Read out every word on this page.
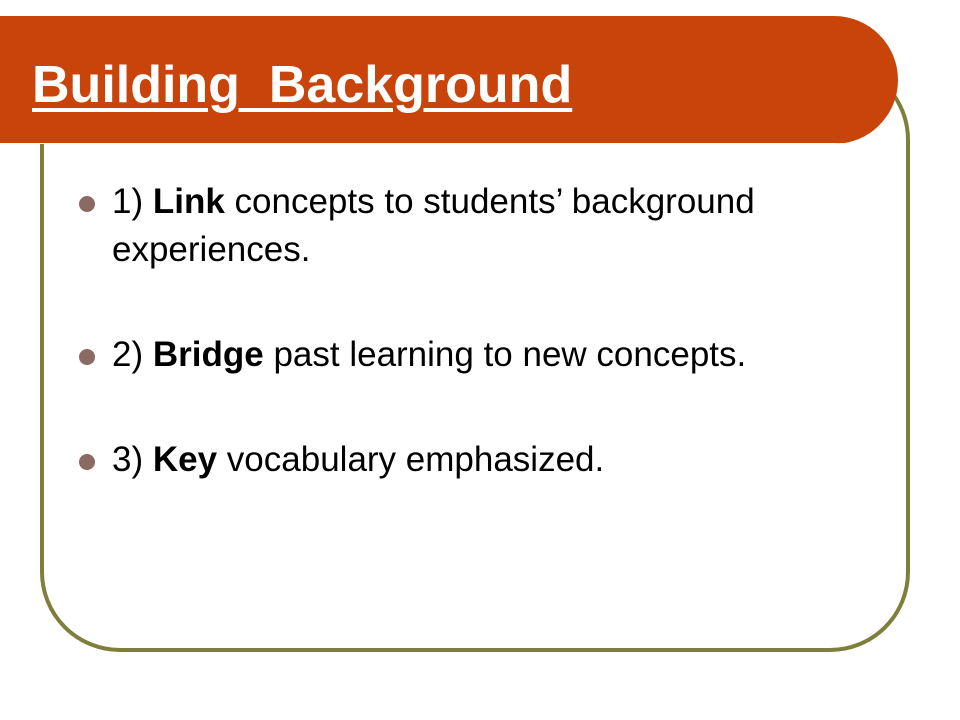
Building  Background
1) Link concepts to students’ background experiences.
2) Bridge past learning to new concepts.
3) Key vocabulary emphasized.
